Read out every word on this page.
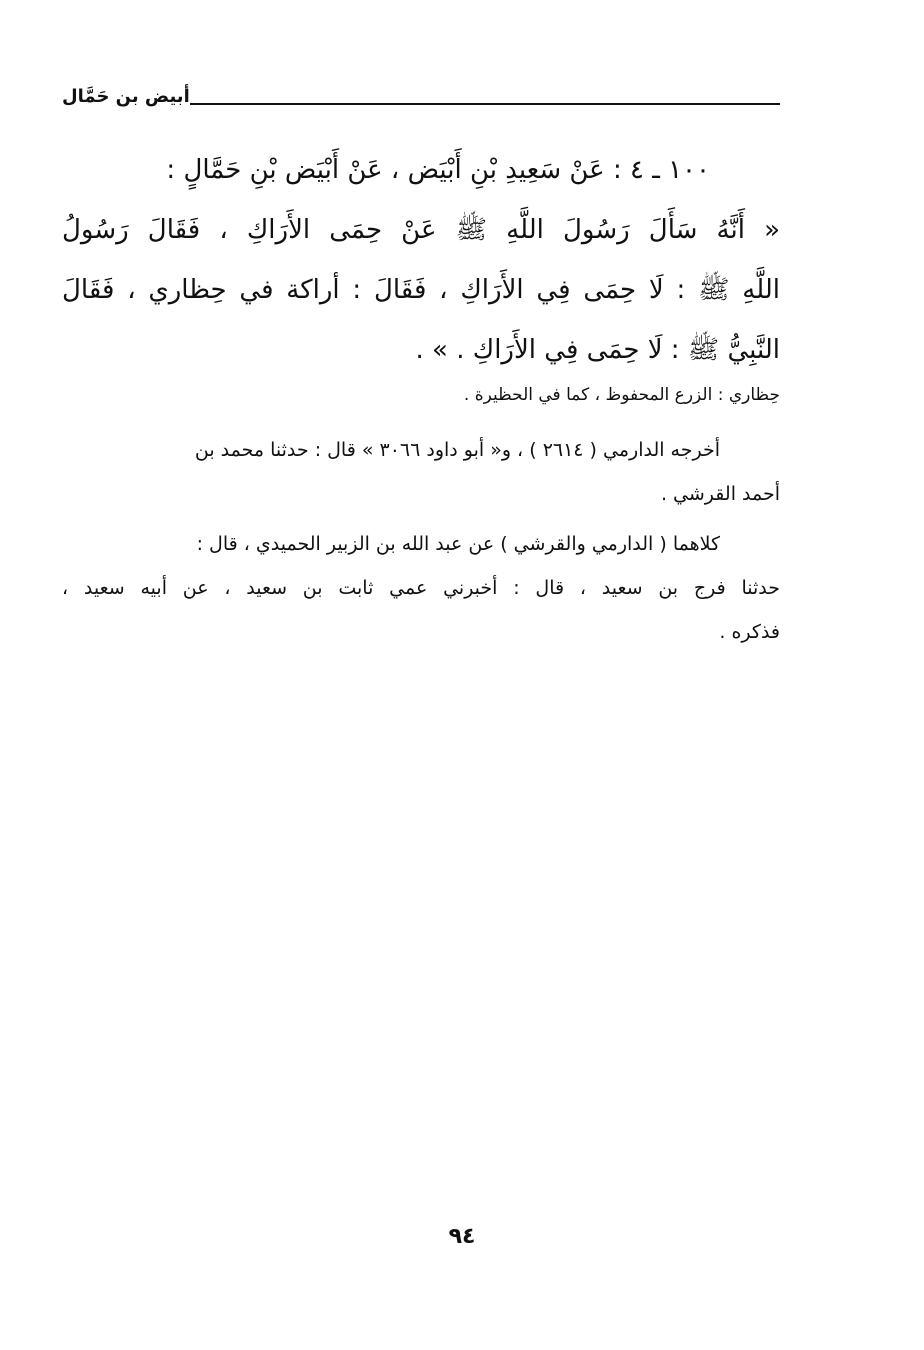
أبيض بن حَمَّال
١٠٠ ـ ٤ : عَنْ سَعِيدِ بْنِ أَبْيَض ، عَنْ أَبْيَض بْنِ حَمَّالٍ :
« أَنَّهُ سَأَلَ رَسُولَ اللَّهِ ﷺ عَنْ حِمَى الأَرَاكِ ، فَقَالَ رَسُولُ
اللَّهِ ﷺ : لَا حِمَى فِي الأَرَاكِ ، فَقَالَ : أراكة في حِظاري ، فَقَالَ
النَّبِيُّ ﷺ : لَا حِمَى فِي الأَرَاكِ . » .
حِظاري : الزرع المحفوظ ، كما في الحظيرة .
أخرجه الدارمي ( ٢٦١٤ ) ، و« أبو داود ٣٠٦٦ » قال : حدثنا محمد بن
أحمد القرشي .
كلاهما ( الدارمي والقرشي ) عن عبد الله بن الزبير الحميدي ، قال :
حدثنا فرج بن سعيد ، قال : أخبرني عمي ثابت بن سعيد ، عن أبيه سعيد ،
فذكره .
٩٤
